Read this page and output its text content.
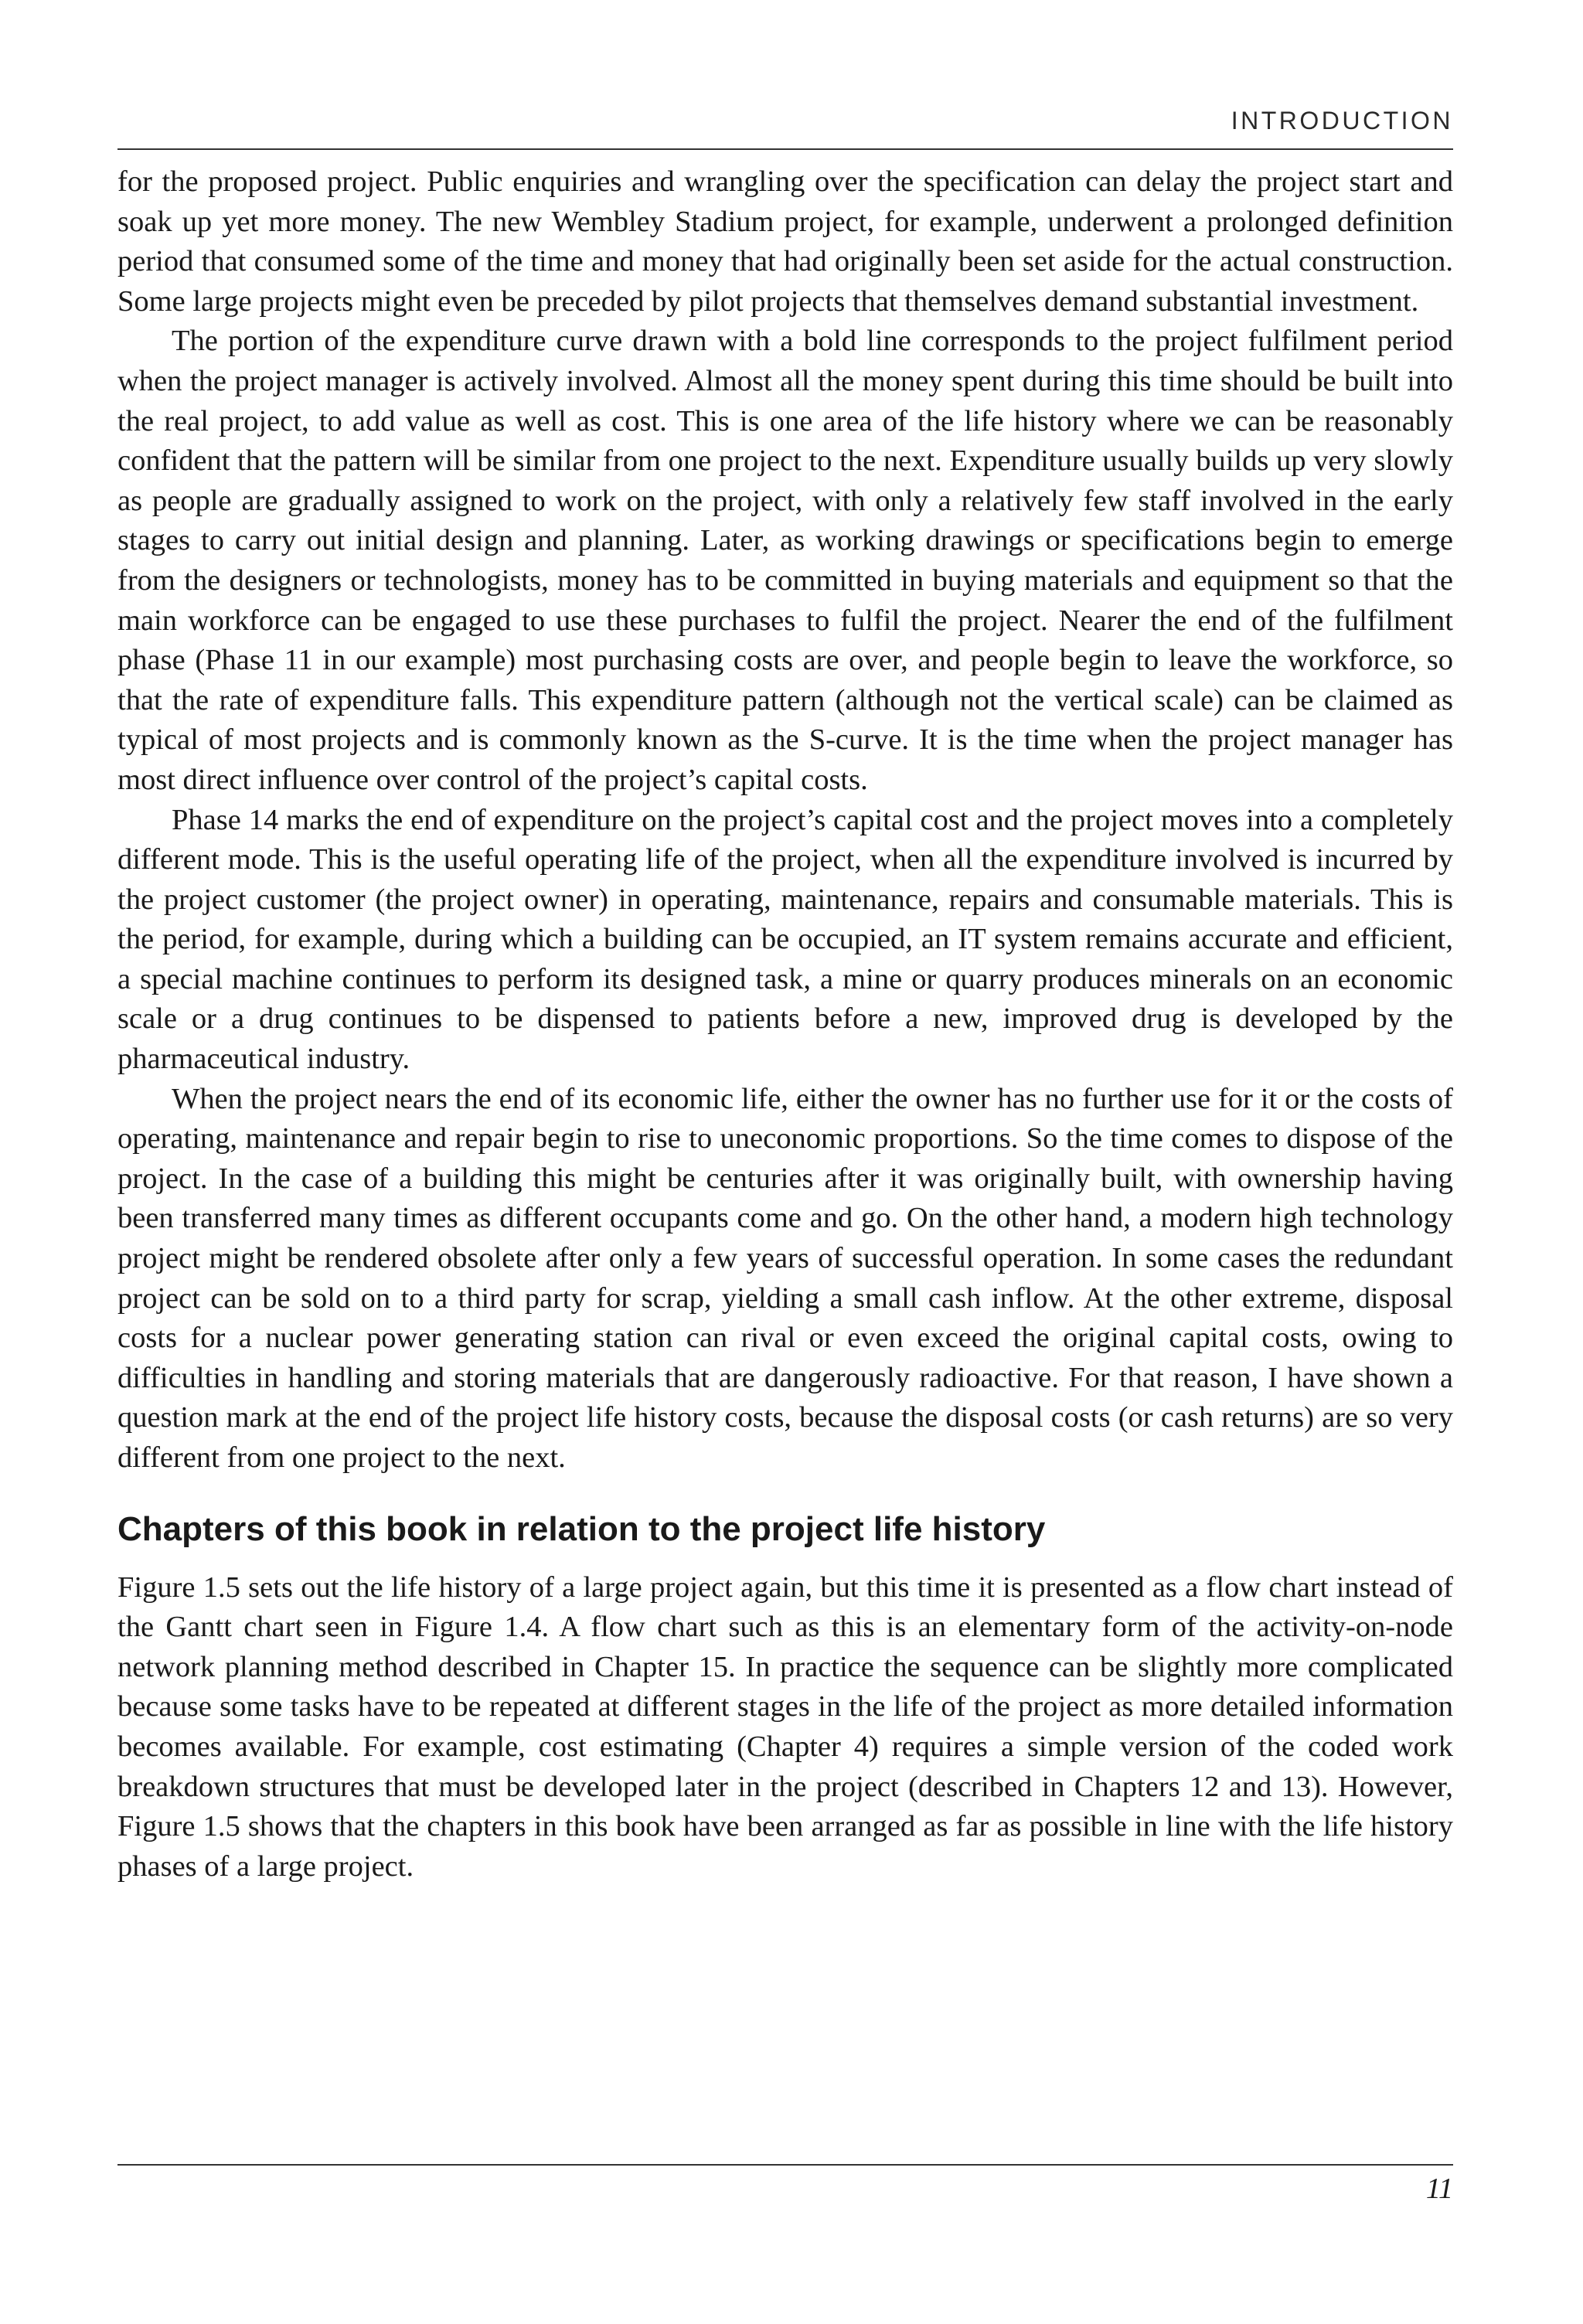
INTRODUCTION

for the proposed project. Public enquiries and wrangling over the specification can delay the project start and soak up yet more money. The new Wembley Stadium project, for example, underwent a prolonged definition period that consumed some of the time and money that had originally been set aside for the actual construction. Some large projects might even be preceded by pilot projects that themselves demand substantial investment.

The portion of the expenditure curve drawn with a bold line corresponds to the project fulfilment period when the project manager is actively involved. Almost all the money spent during this time should be built into the real project, to add value as well as cost. This is one area of the life history where we can be reasonably confident that the pattern will be similar from one project to the next. Expenditure usually builds up very slowly as people are gradually assigned to work on the project, with only a relatively few staff involved in the early stages to carry out initial design and planning. Later, as working drawings or specifications begin to emerge from the designers or technologists, money has to be committed in buying materials and equipment so that the main workforce can be engaged to use these purchases to fulfil the project. Nearer the end of the fulfilment phase (Phase 11 in our example) most purchasing costs are over, and people begin to leave the workforce, so that the rate of expenditure falls. This expenditure pattern (although not the vertical scale) can be claimed as typical of most projects and is commonly known as the S-curve. It is the time when the project manager has most direct influence over control of the project’s capital costs.

Phase 14 marks the end of expenditure on the project’s capital cost and the project moves into a completely different mode. This is the useful operating life of the project, when all the expenditure involved is incurred by the project customer (the project owner) in operating, maintenance, repairs and consumable materials. This is the period, for example, during which a building can be occupied, an IT system remains accurate and efficient, a special machine continues to perform its designed task, a mine or quarry produces minerals on an economic scale or a drug continues to be dispensed to patients before a new, improved drug is developed by the pharmaceutical industry.

When the project nears the end of its economic life, either the owner has no further use for it or the costs of operating, maintenance and repair begin to rise to uneconomic proportions. So the time comes to dispose of the project. In the case of a building this might be centuries after it was originally built, with ownership having been transferred many times as different occupants come and go. On the other hand, a modern high technology project might be rendered obsolete after only a few years of successful operation. In some cases the redundant project can be sold on to a third party for scrap, yielding a small cash inflow. At the other extreme, disposal costs for a nuclear power generating station can rival or even exceed the original capital costs, owing to difficulties in handling and storing materials that are dangerously radioactive. For that reason, I have shown a question mark at the end of the project life history costs, because the disposal costs (or cash returns) are so very different from one project to the next.

Chapters of this book in relation to the project life history

Figure 1.5 sets out the life history of a large project again, but this time it is presented as a flow chart instead of the Gantt chart seen in Figure 1.4. A flow chart such as this is an elementary form of the activity-on-node network planning method described in Chapter 15. In practice the sequence can be slightly more complicated because some tasks have to be repeated at different stages in the life of the project as more detailed information becomes available. For example, cost estimating (Chapter 4) requires a simple version of the coded work breakdown structures that must be developed later in the project (described in Chapters 12 and 13). However, Figure 1.5 shows that the chapters in this book have been arranged as far as possible in line with the life history phases of a large project.

11
